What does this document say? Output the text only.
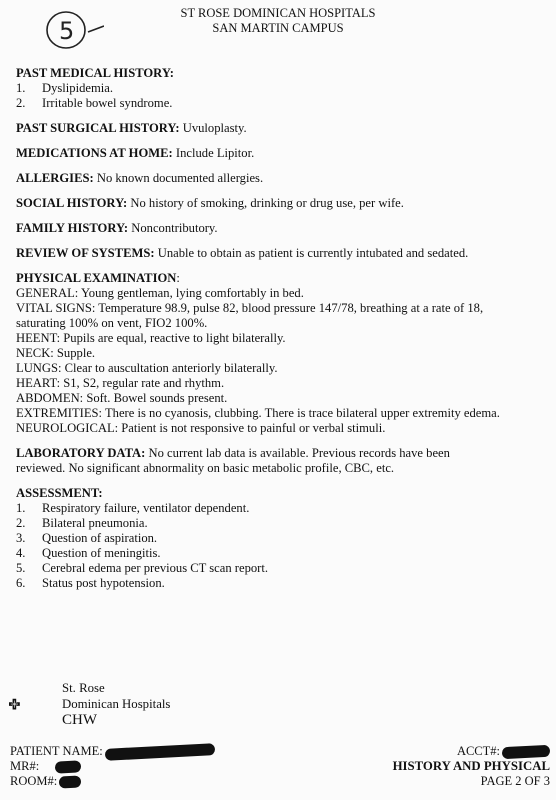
5
ST ROSE DOMINICAN HOSPITALS
SAN MARTIN CAMPUS
PAST MEDICAL HISTORY:
1.	Dyslipidemia.
2.	Irritable bowel syndrome.
PAST SURGICAL HISTORY: Uvuloplasty.
MEDICATIONS AT HOME: Include Lipitor.
ALLERGIES: No known documented allergies.
SOCIAL HISTORY: No history of smoking, drinking or drug use, per wife.
FAMILY HISTORY: Noncontributory.
REVIEW OF SYSTEMS: Unable to obtain as patient is currently intubated and sedated.
PHYSICAL EXAMINATION:
GENERAL: Young gentleman, lying comfortably in bed.
VITAL SIGNS: Temperature 98.9, pulse 82, blood pressure 147/78, breathing at a rate of 18,
saturating 100% on vent, FIO2 100%.
HEENT: Pupils are equal, reactive to light bilaterally.
NECK: Supple.
LUNGS: Clear to auscultation anteriorly bilaterally.
HEART: S1, S2, regular rate and rhythm.
ABDOMEN: Soft. Bowel sounds present.
EXTREMITIES: There is no cyanosis, clubbing. There is trace bilateral upper extremity edema.
NEUROLOGICAL: Patient is not responsive to painful or verbal stimuli.
LABORATORY DATA: No current lab data is available. Previous records have been
reviewed. No significant abnormality on basic metabolic profile, CBC, etc.
ASSESSMENT:
1.	Respiratory failure, ventilator dependent.
2.	Bilateral pneumonia.
3.	Question of aspiration.
4.	Question of meningitis.
5.	Cerebral edema per previous CT scan report.
6.	Status post hypotension.
St. Rose
Dominican Hospitals
CHW
PATIENT NAME:
MR#:
ROOM#:
ACCT#:
HISTORY AND PHYSICAL
PAGE 2 OF 3
